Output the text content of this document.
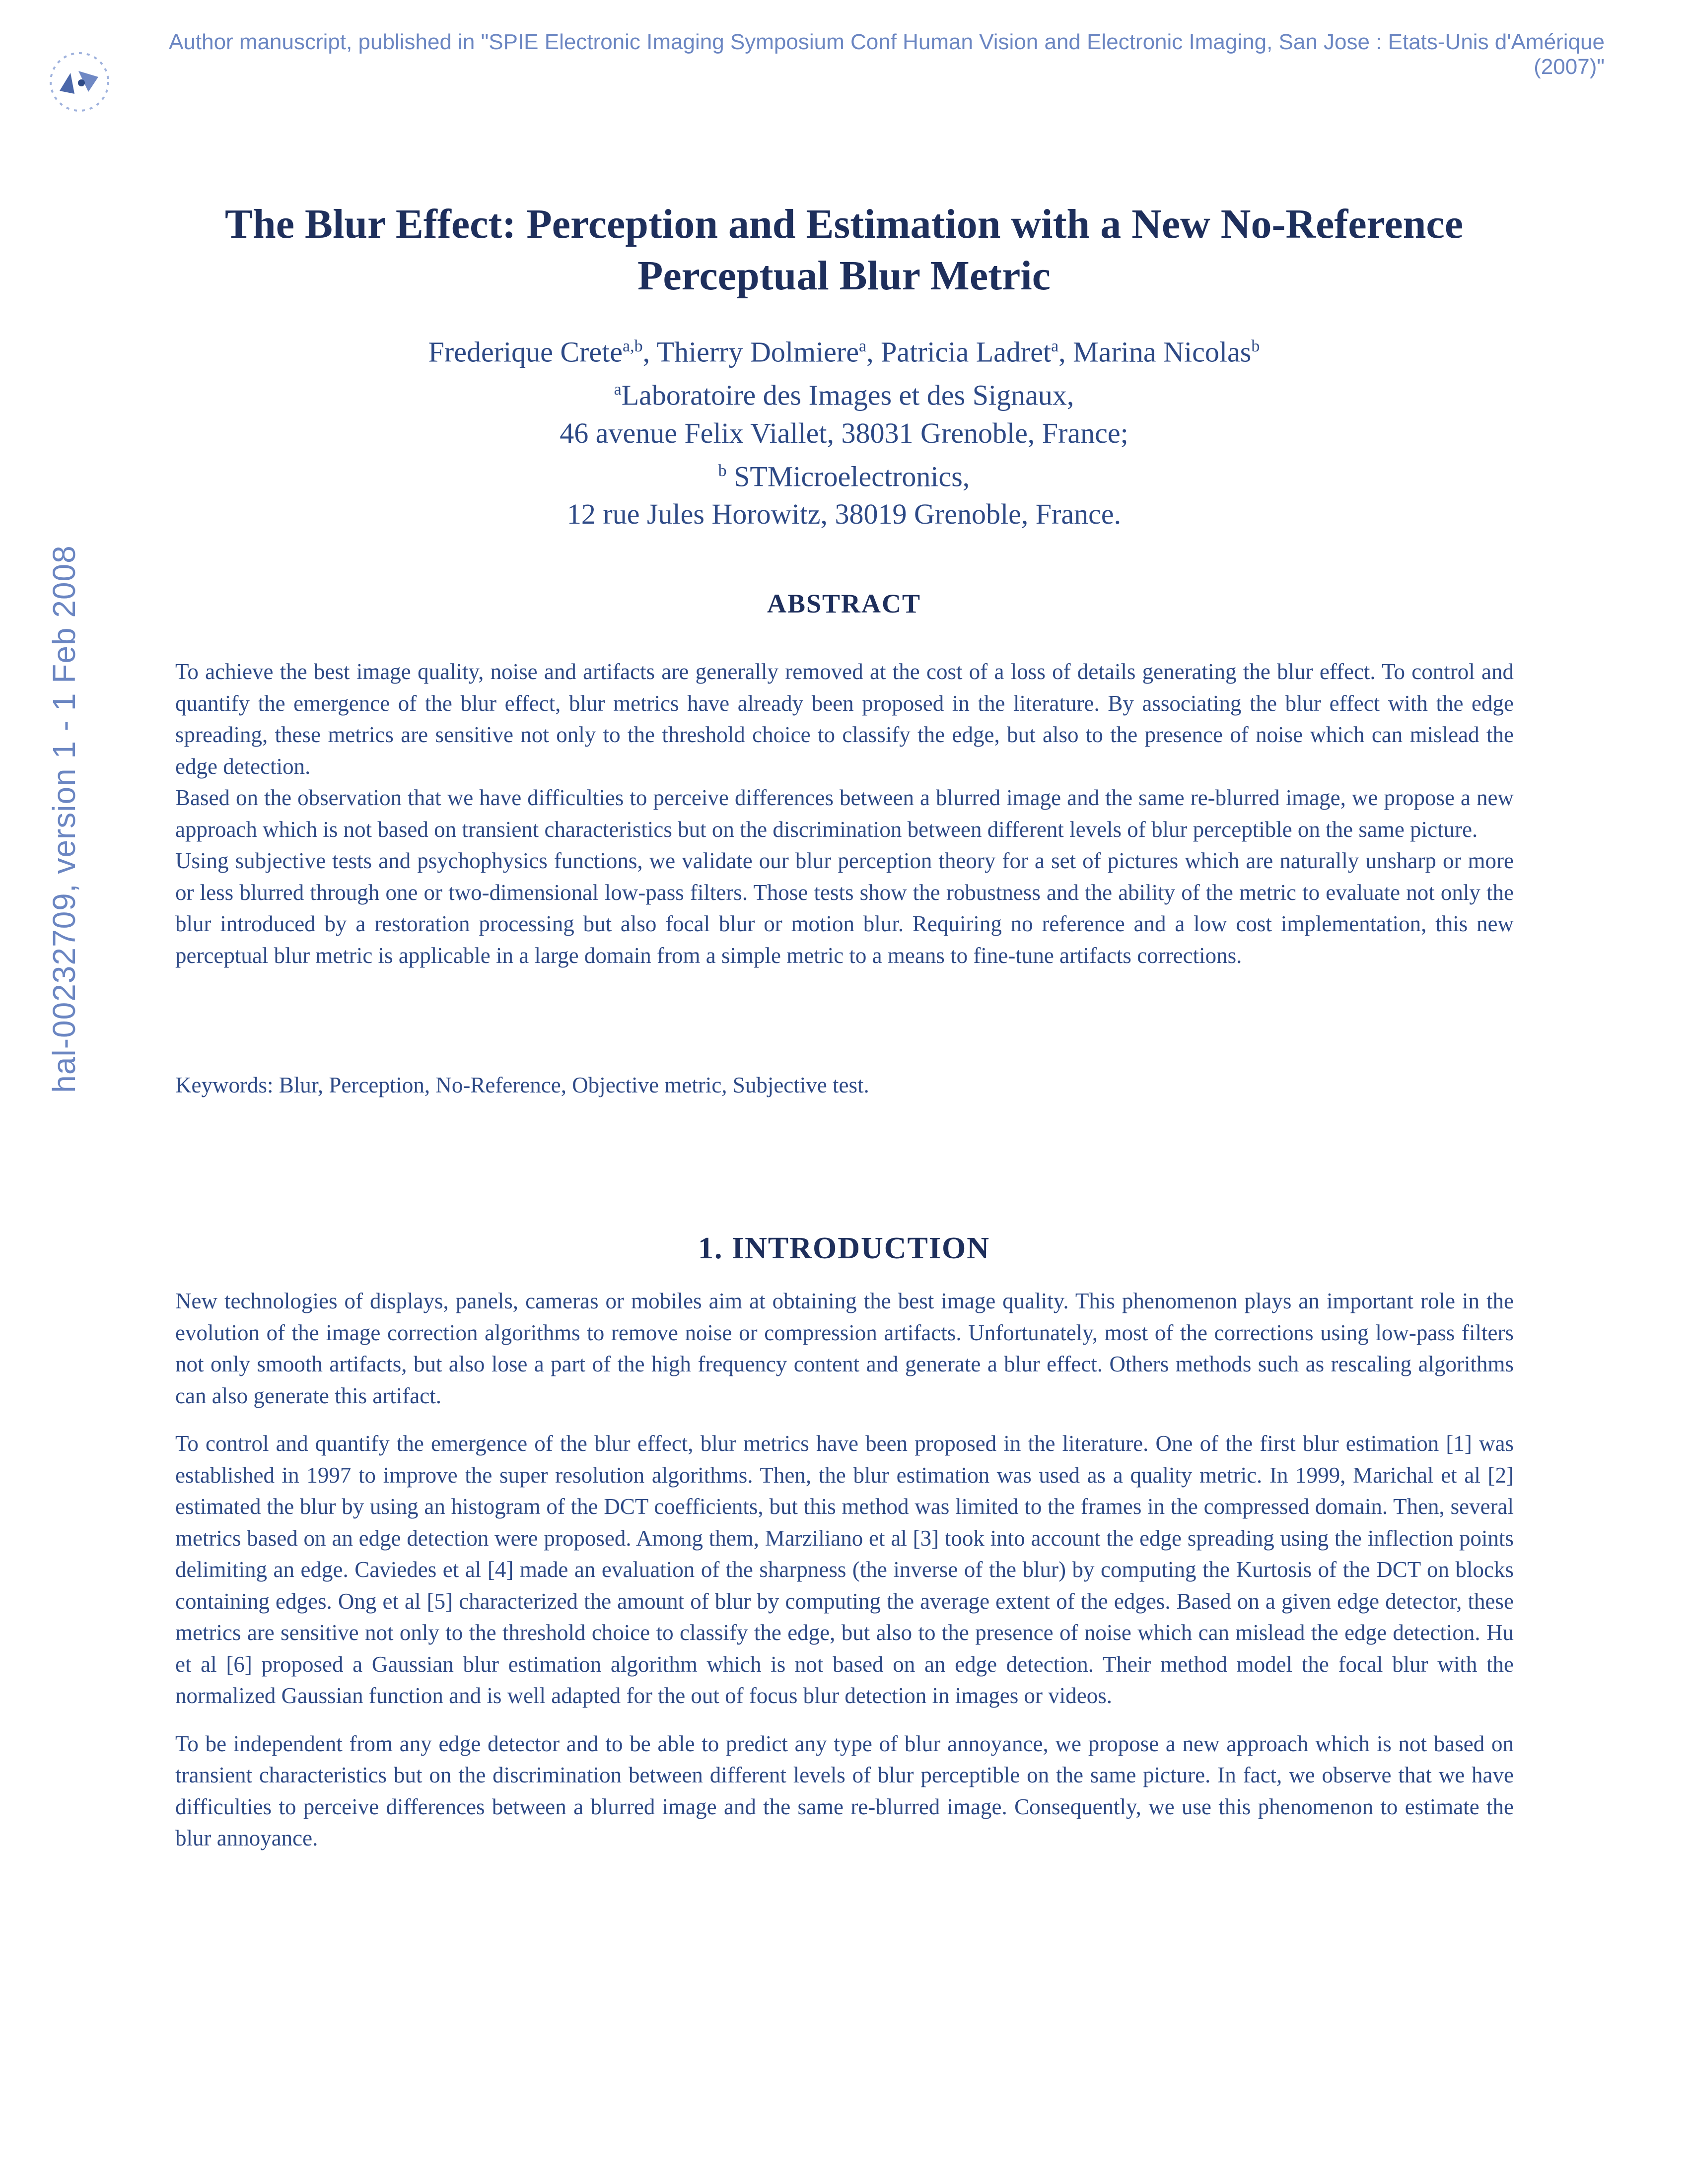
Author manuscript, published in "SPIE Electronic Imaging Symposium Conf Human Vision and Electronic Imaging, San Jose : Etats-Unis d'Amérique (2007)"
hal-00232709, version 1 - 1 Feb 2008
The Blur Effect: Perception and Estimation with a New No-Reference Perceptual Blur Metric
Frederique Crete$^{a,b}$, Thierry Dolmiere$^a$, Patricia Ladret$^a$, Marina Nicolas$^b$
$^a$Laboratoire des Images et des Signaux,
46 avenue Felix Viallet, 38031 Grenoble, France;
$^b$ STMicroelectronics,
12 rue Jules Horowitz, 38019 Grenoble, France.
ABSTRACT

To achieve the best image quality, noise and artifacts are generally removed at the cost of a loss of details generating the blur effect. To control and quantify the emergence of the blur effect, blur metrics have already been proposed in the literature. By associating the blur effect with the edge spreading, these metrics are sensitive not only to the threshold choice to classify the edge, but also to the presence of noise which can mislead the edge detection.

Based on the observation that we have difficulties to perceive differences between a blurred image and the same re-blurred image, we propose a new approach which is not based on transient characteristics but on the discrimination between different levels of blur perceptible on the same picture.

Using subjective tests and psychophysics functions, we validate our blur perception theory for a set of pictures which are naturally unsharp or more or less blurred through one or two-dimensional low-pass filters. Those tests show the robustness and the ability of the metric to evaluate not only the blur introduced by a restoration processing but also focal blur or motion blur. Requiring no reference and a low cost implementation, this new perceptual blur metric is applicable in a large domain from a simple metric to a means to fine-tune artifacts corrections.

Keywords: Blur, Perception, No-Reference, Objective metric, Subjective test.
1. INTRODUCTION

New technologies of displays, panels, cameras or mobiles aim at obtaining the best image quality. This phenomenon plays an important role in the evolution of the image correction algorithms to remove noise or compression artifacts. Unfortunately, most of the corrections using low-pass filters not only smooth artifacts, but also lose a part of the high frequency content and generate a blur effect. Others methods such as rescaling algorithms can also generate this artifact.

To control and quantify the emergence of the blur effect, blur metrics have been proposed in the literature. One of the first blur estimation [1] was established in 1997 to improve the super resolution algorithms. Then, the blur estimation was used as a quality metric. In 1999, Marichal et al [2] estimated the blur by using an histogram of the DCT coefficients, but this method was limited to the frames in the compressed domain. Then, several metrics based on an edge detection were proposed. Among them, Marziliano et al [3] took into account the edge spreading using the inflection points delimiting an edge. Caviedes et al [4] made an evaluation of the sharpness (the inverse of the blur) by computing the Kurtosis of the DCT on blocks containing edges. Ong et al [5] characterized the amount of blur by computing the average extent of the edges. Based on a given edge detector, these metrics are sensitive not only to the threshold choice to classify the edge, but also to the presence of noise which can mislead the edge detection. Hu et al [6] proposed a Gaussian blur estimation algorithm which is not based on an edge detection. Their method model the focal blur with the normalized Gaussian function and is well adapted for the out of focus blur detection in images or videos.

To be independent from any edge detector and to be able to predict any type of blur annoyance, we propose a new approach which is not based on transient characteristics but on the discrimination between different levels of blur perceptible on the same picture. In fact, we observe that we have difficulties to perceive differences between a blurred image and the same re-blurred image. Consequently, we use this phenomenon to estimate the blur annoyance.
